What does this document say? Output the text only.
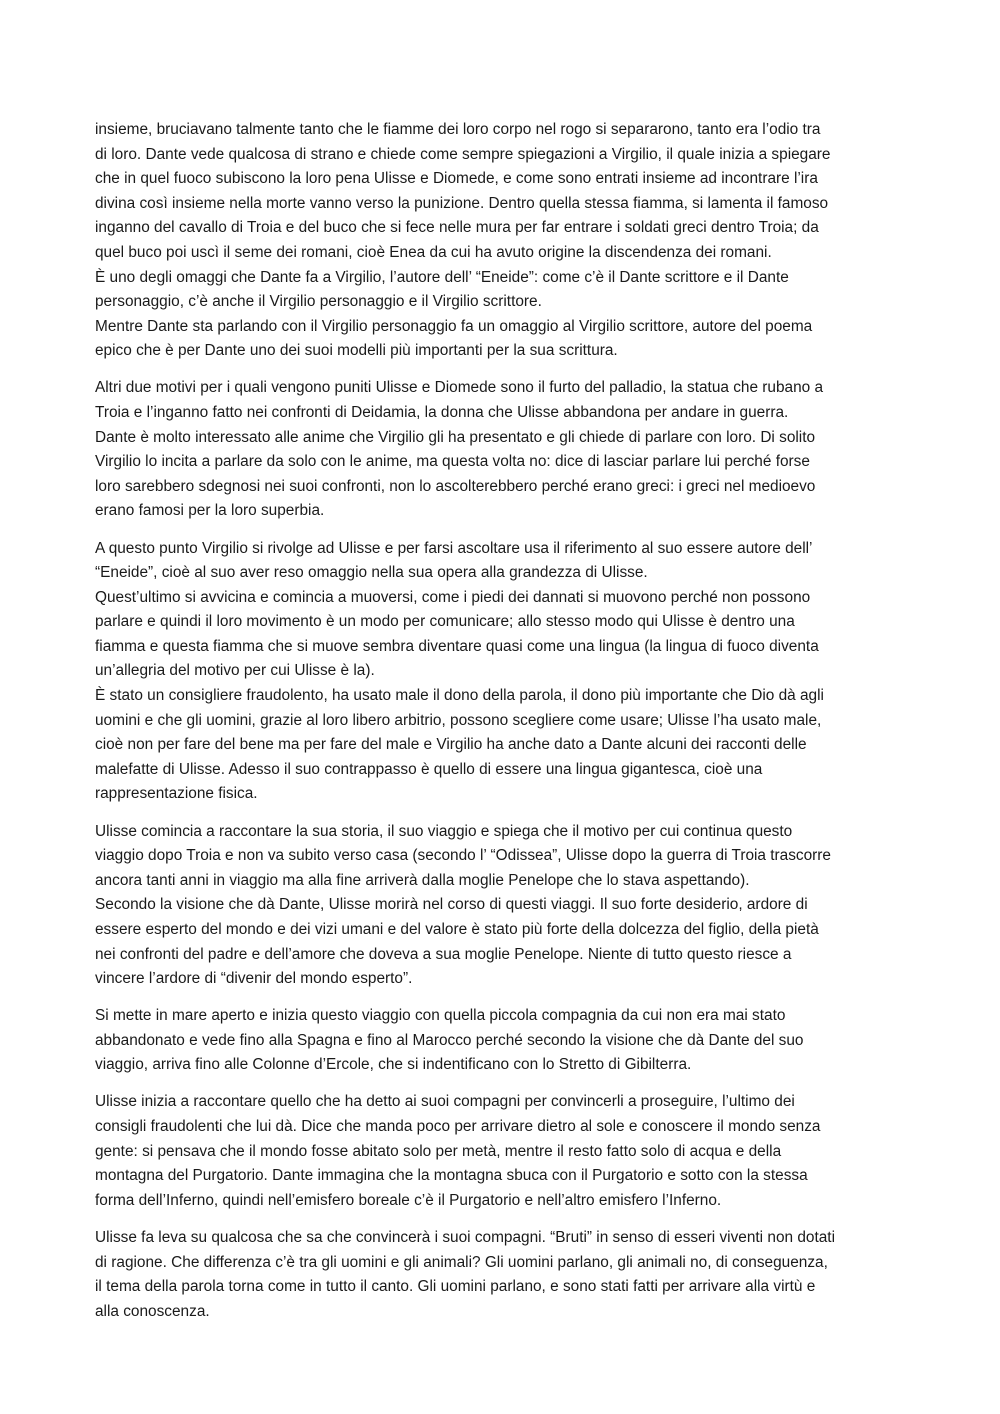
insieme, bruciavano talmente tanto che le fiamme dei loro corpo nel rogo si separarono, tanto era l’odio tra
di loro. Dante vede qualcosa di strano e chiede come sempre spiegazioni a Virgilio, il quale inizia a spiegare
che in quel fuoco subiscono la loro pena Ulisse e Diomede, e come sono entrati insieme ad incontrare l’ira
divina così insieme nella morte vanno verso la punizione. Dentro quella stessa fiamma, si lamenta il famoso
inganno del cavallo di Troia e del buco che si fece nelle mura per far entrare i soldati greci dentro Troia; da
quel buco poi uscì il seme dei romani, cioè Enea da cui ha avuto origine la discendenza dei romani.
È uno degli omaggi che Dante fa a Virgilio, l’autore dell’ “Eneide”: come c’è il Dante scrittore e il Dante
personaggio, c’è anche il Virgilio personaggio e il Virgilio scrittore.
Mentre Dante sta parlando con il Virgilio personaggio fa un omaggio al Virgilio scrittore, autore del poema
epico che è per Dante uno dei suoi modelli più importanti per la sua scrittura.
Altri due motivi per i quali vengono puniti Ulisse e Diomede sono il furto del palladio, la statua che rubano a
Troia e l’inganno fatto nei confronti di Deidamia, la donna che Ulisse abbandona per andare in guerra.
Dante è molto interessato alle anime che Virgilio gli ha presentato e gli chiede di parlare con loro. Di solito
Virgilio lo incita a parlare da solo con le anime, ma questa volta no: dice di lasciar parlare lui perché forse
loro sarebbero sdegnosi nei suoi confronti, non lo ascolterebbero perché erano greci: i greci nel medioevo
erano famosi per la loro superbia.
A questo punto Virgilio si rivolge ad Ulisse e per farsi ascoltare usa il riferimento al suo essere autore dell’
“Eneide”, cioè al suo aver reso omaggio nella sua opera alla grandezza di Ulisse.
Quest’ultimo si avvicina e comincia a muoversi, come i piedi dei dannati si muovono perché non possono
parlare e quindi il loro movimento è un modo per comunicare; allo stesso modo qui Ulisse è dentro una
fiamma e questa fiamma che si muove sembra diventare quasi come una lingua (la lingua di fuoco diventa
un’allegria del motivo per cui Ulisse è la).
È stato un consigliere fraudolento, ha usato male il dono della parola, il dono più importante che Dio dà agli
uomini e che gli uomini, grazie al loro libero arbitrio, possono scegliere come usare; Ulisse l’ha usato male,
cioè non per fare del bene ma per fare del male e Virgilio ha anche dato a Dante alcuni dei racconti delle
malefatte di Ulisse. Adesso il suo contrappasso è quello di essere una lingua gigantesca, cioè una
rappresentazione fisica.
Ulisse comincia a raccontare la sua storia, il suo viaggio e spiega che il motivo per cui continua questo
viaggio dopo Troia e non va subito verso casa (secondo l’ “Odissea”, Ulisse dopo la guerra di Troia trascorre
ancora tanti anni in viaggio ma alla fine arriverà dalla moglie Penelope che lo stava aspettando).
Secondo la visione che dà Dante, Ulisse morirà nel corso di questi viaggi. Il suo forte desiderio, ardore di
essere esperto del mondo e dei vizi umani e del valore è stato più forte della dolcezza del figlio, della pietà
nei confronti del padre e dell’amore che doveva a sua moglie Penelope. Niente di tutto questo riesce a
vincere l’ardore di “divenir del mondo esperto”.
Si mette in mare aperto e inizia questo viaggio con quella piccola compagnia da cui non era mai stato
abbandonato e vede fino alla Spagna e fino al Marocco perché secondo la visione che dà Dante del suo
viaggio, arriva fino alle Colonne d’Ercole, che si indentificano con lo Stretto di Gibilterra.
Ulisse inizia a raccontare quello che ha detto ai suoi compagni per convincerli a proseguire, l’ultimo dei
consigli fraudolenti che lui dà. Dice che manda poco per arrivare dietro al sole e conoscere il mondo senza
gente: si pensava che il mondo fosse abitato solo per metà, mentre il resto fatto solo di acqua e della
montagna del Purgatorio. Dante immagina che la montagna sbuca con il Purgatorio e sotto con la stessa
forma dell’Inferno, quindi nell’emisfero boreale c’è il Purgatorio e nell’altro emisfero l’Inferno.
Ulisse fa leva su qualcosa che sa che convincerà i suoi compagni. “Bruti” in senso di esseri viventi non dotati
di ragione. Che differenza c’è tra gli uomini e gli animali? Gli uomini parlano, gli animali no, di conseguenza,
il tema della parola torna come in tutto il canto. Gli uomini parlano, e sono stati fatti per arrivare alla virtù e
alla conoscenza.
